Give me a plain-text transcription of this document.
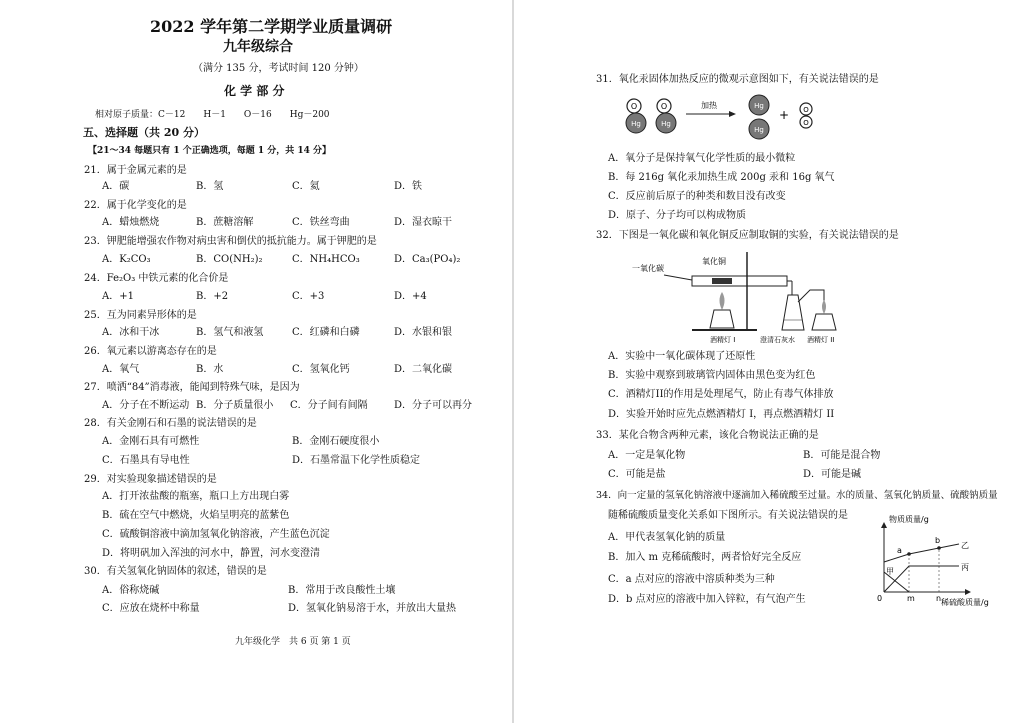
2022 学年第二学期学业质量调研
九年级综合
（满分 135 分，考试时间 120 分钟）
化 学 部 分
相对原子质量：C－12　　H－1　　O－16　　Hg－200
五、选择题（共 20 分）
【21～34 每题只有 1 个正确选项，每题 1 分，共 14 分】
21．属于金属元素的是
A．碳	B．氢	C．氦	D．铁
22．属于化学变化的是
A．蜡烛燃烧	B．蔗糖溶解	C．铁丝弯曲	D．湿衣晾干
23．钾肥能增强农作物对病虫害和倒伏的抵抗能力。属于钾肥的是
A．K₂CO₃	B．CO(NH₂)₂	C．NH₄HCO₃	D．Ca₃(PO₄)₂
24．Fe₂O₃ 中铁元素的化合价是
A．+1	B．+2	C．+3	D．+4
25．互为同素异形体的是
A．冰和干冰	B．氢气和液氢	C．红磷和白磷	D．水银和银
26．氧元素以游离态存在的是
A．氧气	B．水	C．氢氧化钙	D．二氧化碳
27．喷洒“84”消毒液，能闻到特殊气味，是因为
A．分子在不断运动 B．分子质量很小 C．分子间有间隔	D．分子可以再分
28．有关金刚石和石墨的说法错误的是
A．金刚石具有可燃性	B．金刚石硬度很小
C．石墨具有导电性	D．石墨常温下化学性质稳定
29．对实验现象描述错误的是
A．打开浓盐酸的瓶塞，瓶口上方出现白雾
B．硫在空气中燃烧，火焰呈明亮的蓝紫色
C．硫酸铜溶液中滴加氢氧化钠溶液，产生蓝色沉淀
D．将明矾加入浑浊的河水中，静置，河水变澄清
30．有关氢氧化钠固体的叙述，错误的是
A．俗称烧碱	B．常用于改良酸性土壤
C．应放在烧杯中称量	D．氢氧化钠易溶于水，并放出大量热
九年级化学　共 6 页 第 1 页
31．氧化汞固体加热反应的微观示意图如下，有关说法错误的是
O
Hg
O
Hg
加热	Hg
Hg
+ O
O
A．氧分子是保持氧气化学性质的最小微粒
B．每 216g 氧化汞加热生成 200g 汞和 16g 氧气
C．反应前后原子的种类和数目没有改变
D．原子、分子均可以构成物质
32．下图是一氧化碳和氧化铜反应制取铜的实验，有关说法错误的是
一氧化碳
氧化铜
酒精灯 I	澄清石灰水 酒精灯 II
A．实验中一氧化碳体现了还原性
B．实验中观察到玻璃管内固体由黑色变为红色
C．酒精灯II的作用是处理尾气，防止有毒气体排放
D．实验开始时应先点燃酒精灯 I，再点燃酒精灯 II
33．某化合物含两种元素，该化合物说法正确的是
A．一定是氧化物	B．可能是混合物
C．可能是盐	D．可能是碱
34．向一定量的氢氧化钠溶液中逐滴加入稀硫酸至过量。水的质量、氢氧化钠质量、硫酸钠质量
随稀硫酸质量变化关系如下图所示。有关说法错误的是
A．甲代表氢氧化钠的质量
B．加入 m 克稀硫酸时，两者恰好完全反应
C．a 点对应的溶液中溶质种类为三种
D．b 点对应的溶液中加入锌粒，有气泡产生
物质质量/g
0	m	n 稀硫酸质量/g
a
b
甲
乙
丙
